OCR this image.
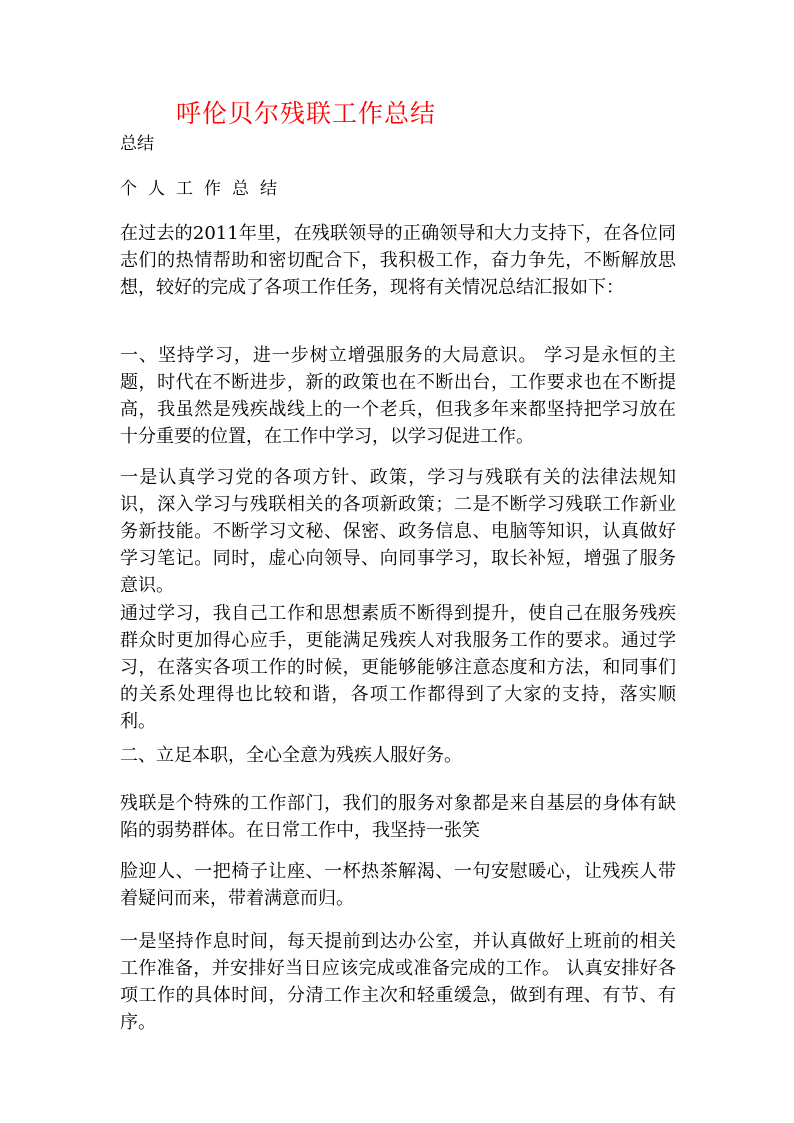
呼伦贝尔残联工作总结

总结

个人工作总结

在过去的2011年里，在残联领导的正确领导和大力支持下，在各位同志们的热情帮助和密切配合下，我积极工作，奋力争先，不断解放思想，较好的完成了各项工作任务，现将有关情况总结汇报如下：

一、坚持学习，进一步树立增强服务的大局意识。 学习是永恒的主题，时代在不断进步，新的政策也在不断出台，工作要求也在不断提高，我虽然是残疾战线上的一个老兵，但我多年来都坚持把学习放在十分重要的位置，在工作中学习，以学习促进工作。

一是认真学习党的各项方针、政策，学习与残联有关的法律法规知识，深入学习与残联相关的各项新政策；二是不断学习残联工作新业务新技能。不断学习文秘、保密、政务信息、电脑等知识，认真做好学习笔记。同时，虚心向领导、向同事学习，取长补短，增强了服务意识。

通过学习，我自己工作和思想素质不断得到提升，使自己在服务残疾群众时更加得心应手，更能满足残疾人对我服务工作的要求。通过学习，在落实各项工作的时候，更能够能够注意态度和方法，和同事们的关系处理得也比较和谐，各项工作都得到了大家的支持，落实顺利。

二、立足本职，全心全意为残疾人服好务。

残联是个特殊的工作部门，我们的服务对象都是来自基层的身体有缺陷的弱势群体。在日常工作中，我坚持一张笑

脸迎人、一把椅子让座、一杯热茶解渴、一句安慰暖心，让残疾人带着疑问而来，带着满意而归。

一是坚持作息时间，每天提前到达办公室，并认真做好上班前的相关工作准备，并安排好当日应该完成或准备完成的工作。 认真安排好各项工作的具体时间，分清工作主次和轻重缓急，做到有理、有节、有序。
